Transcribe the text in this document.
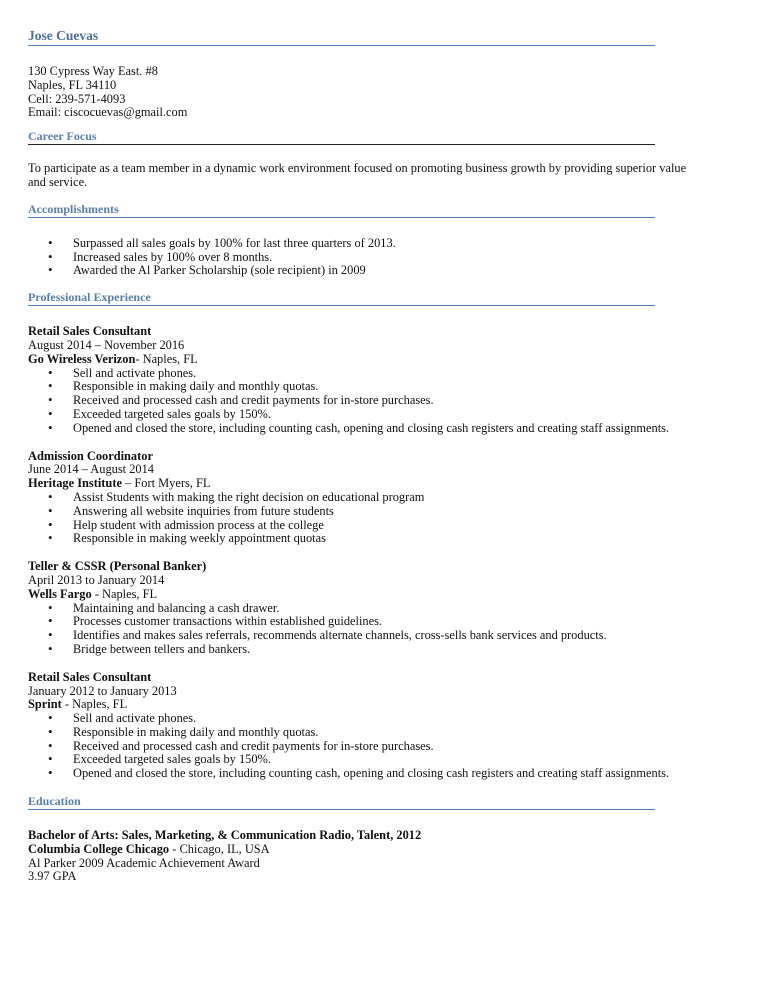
Jose Cuevas
130 Cypress Way East. #8
Naples, FL 34110
Cell: 239-571-4093
Email: ciscocuevas@gmail.com
Career Focus
To participate as a team member in a dynamic work environment focused on promoting business growth by providing superior value and service.
Accomplishments
• Surpassed all sales goals by 100% for last three quarters of 2013.
• Increased sales by 100% over 8 months.
• Awarded the Al Parker Scholarship (sole recipient) in 2009
Professional Experience
Retail Sales Consultant
August 2014 – November 2016
Go Wireless Verizon- Naples, FL
• Sell and activate phones.
• Responsible in making daily and monthly quotas.
• Received and processed cash and credit payments for in-store purchases.
• Exceeded targeted sales goals by 150%.
• Opened and closed the store, including counting cash, opening and closing cash registers and creating staff assignments.
Admission Coordinator
June 2014 – August 2014
Heritage Institute – Fort Myers, FL
• Assist Students with making the right decision on educational program
• Answering all website inquiries from future students
• Help student with admission process at the college
• Responsible in making weekly appointment quotas
Teller & CSSR (Personal Banker)
April 2013 to January 2014
Wells Fargo - Naples, FL
• Maintaining and balancing a cash drawer.
• Processes customer transactions within established guidelines.
• Identifies and makes sales referrals, recommends alternate channels, cross-sells bank services and products.
• Bridge between tellers and bankers.
Retail Sales Consultant
January 2012 to January 2013
Sprint - Naples, FL
• Sell and activate phones.
• Responsible in making daily and monthly quotas.
• Received and processed cash and credit payments for in-store purchases.
• Exceeded targeted sales goals by 150%.
• Opened and closed the store, including counting cash, opening and closing cash registers and creating staff assignments.
Education

Bachelor of Arts: Sales, Marketing, & Communication Radio, Talent, 2012

Columbia College Chicago - Chicago, IL, USA

Al Parker 2009 Academic Achievement Award

3.97 GPA
